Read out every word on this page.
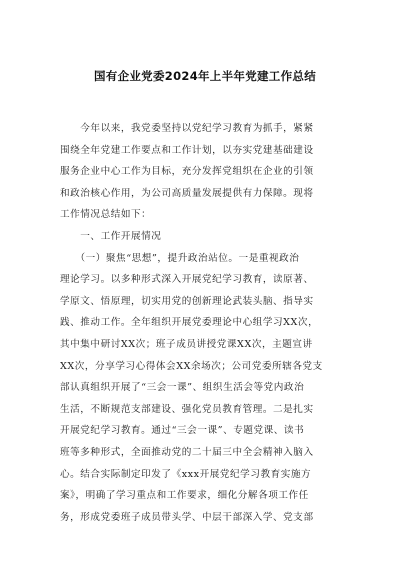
国有企业党委2024年上半年党建工作总结
　　今年以来，我党委坚持以党纪学习教育为抓手，紧紧
围绕全年党建工作要点和工作计划，以夯实党建基础建设
服务企业中心工作为目标，充分发挥党组织在企业的引领
和政治核心作用，为公司高质量发展提供有力保障。现将
工作情况总结如下：
　　一、工作开展情况
　　（一）聚焦“思想”，提升政治站位。一是重视政治
理论学习。以多种形式深入开展党纪学习教育，读原著、
学原文、悟原理，切实用党的创新理论武装头脑、指导实
践、推动工作。全年组织开展党委理论中心组学习XX次，
其中集中研讨XX次；班子成员讲授党课XX次，主题宣讲
XX次，分享学习心得体会XX余场次；公司党委所辖各党支
部认真组织开展了“三会一课”、组织生活会等党内政治
生活，不断规范支部建设、强化党员教育管理。二是扎实
开展党纪学习教育。通过“三会一课”、专题党课、读书
班等多种形式，全面推动党的二十届三中全会精神入脑入
心。结合实际制定印发了《xxx开展党纪学习教育实施方
案》，明确了学习重点和工作要求，细化分解各项工作任
务，形成党委班子成员带头学、中层干部深入学、党支部
